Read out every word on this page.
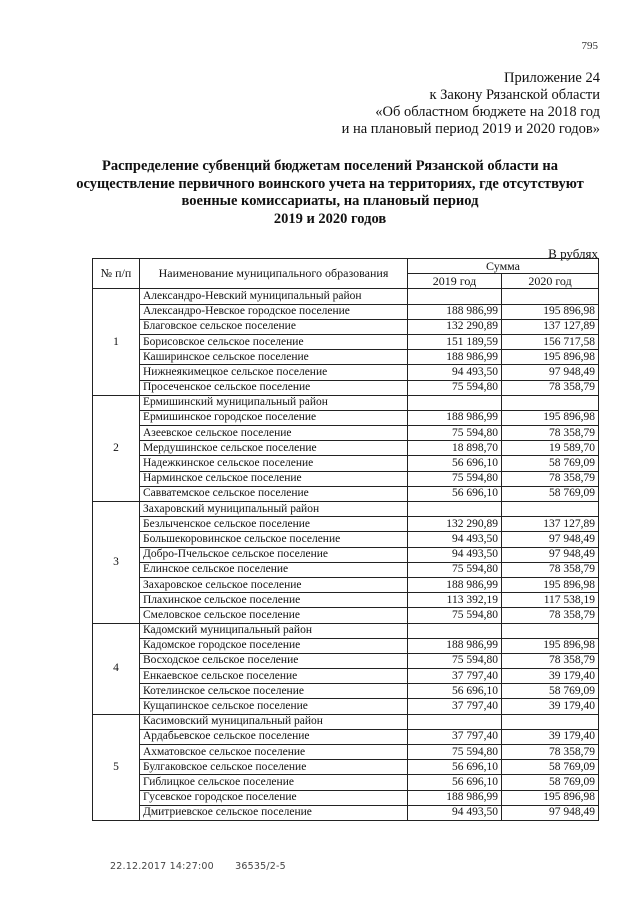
795
Приложение 24
к Закону Рязанской области
«Об областном бюджете на 2018 год
и на плановый период 2019 и 2020 годов»
Распределение субвенций бюджетам поселений Рязанской области на
осуществление первичного воинского учета на территориях, где отсутствуют
военные комиссариаты, на плановый период
2019 и 2020 годов
В рублях
№ п/п	Наименование муниципального образования	Сумма	
		2019 год	2020 год
1	Александро-Невский муниципальный район		
	Александро-Невское городское поселение	188 986,99	195 896,98
	Благовское сельское поселение	132 290,89	137 127,89
	Борисовское сельское поселение	151 189,59	156 717,58
	Каширинское сельское поселение	188 986,99	195 896,98
	Нижнеякимецкое сельское поселение	94 493,50	97 948,49
	Просеченское сельское поселение	75 594,80	78 358,79
2	Ермишинский муниципальный район		
	Ермишинское городское поселение	188 986,99	195 896,98
	Азеевское сельское поселение	75 594,80	78 358,79
	Мердушинское сельское поселение	18 898,70	19 589,70
	Надежкинское сельское поселение	56 696,10	58 769,09
	Нарминское сельское поселение	75 594,80	78 358,79
	Савватемское сельское поселение	56 696,10	58 769,09
3	Захаровский муниципальный район		
	Безлыченское сельское поселение	132 290,89	137 127,89
	Большекоровинское сельское поселение	94 493,50	97 948,49
	Добро-Пчельское сельское поселение	94 493,50	97 948,49
	Елинское сельское поселение	75 594,80	78 358,79
	Захаровское сельское поселение	188 986,99	195 896,98
	Плахинское сельское поселение	113 392,19	117 538,19
	Смеловское сельское поселение	75 594,80	78 358,79
4	Кадомский муниципальный район		
	Кадомское городское поселение	188 986,99	195 896,98
	Восходское сельское поселение	75 594,80	78 358,79
	Енкаевское сельское поселение	37 797,40	39 179,40
	Котелинское сельское поселение	56 696,10	58 769,09
	Кущапинское сельское поселение	37 797,40	39 179,40
5	Касимовский муниципальный район		
	Ардабьевское сельское поселение	37 797,40	39 179,40
	Ахматовское сельское поселение	75 594,80	78 358,79
	Булгаковское сельское поселение	56 696,10	58 769,09
	Гиблицкое сельское поселение	56 696,10	58 769,09
	Гусевское городское поселение	188 986,99	195 896,98
	Дмитриевское сельское поселение	94 493,50	97 948,49
22.12.2017 14:27:00 36535/2-5
